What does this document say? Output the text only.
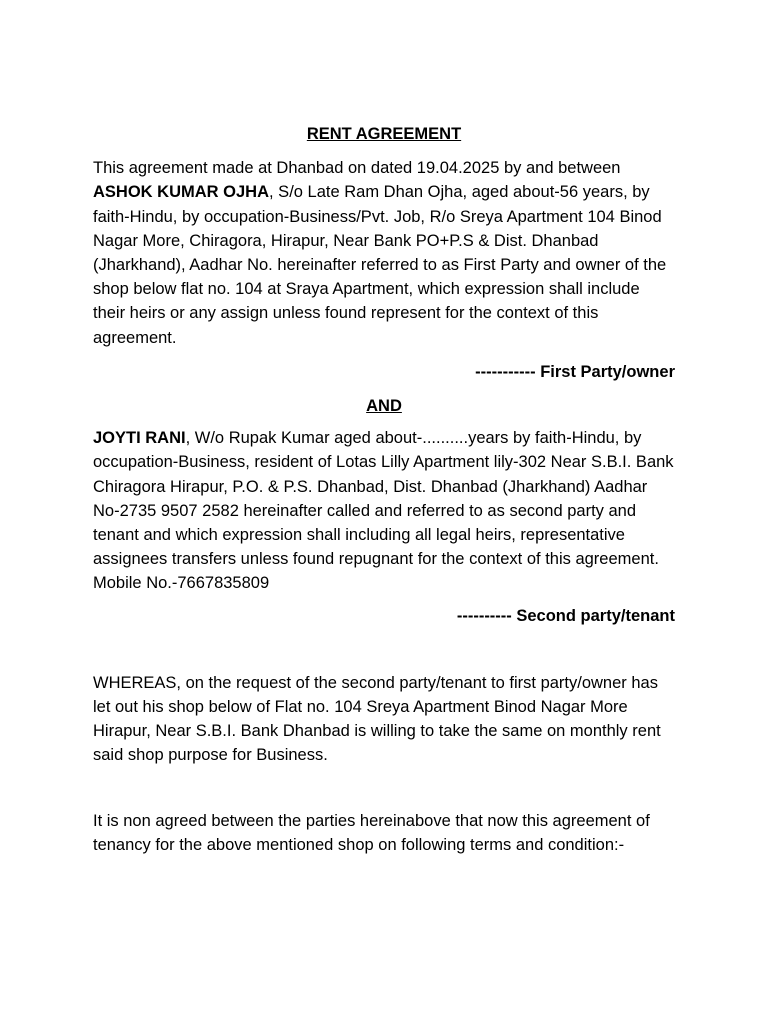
RENT AGREEMENT

This agreement made at Dhanbad on dated 19.04.2025 by and between ASHOK KUMAR OJHA, S/o Late Ram Dhan Ojha, aged about-56 years, by faith-Hindu, by occupation-Business/Pvt. Job, R/o Sreya Apartment 104 Binod Nagar More, Chiragora, Hirapur, Near Bank PO+P.S & Dist. Dhanbad (Jharkhand), Aadhar No. hereinafter referred to as First Party and owner of the shop below flat no. 104 at Sraya Apartment, which expression shall include their heirs or any assign unless found represent for the context of this agreement.

----------- First Party/owner

AND

JOYTI RANI, W/o Rupak Kumar aged about-..........years by faith-Hindu, by occupation-Business, resident of Lotas Lilly Apartment lily-302 Near S.B.I. Bank Chiragora Hirapur, P.O. & P.S. Dhanbad, Dist. Dhanbad (Jharkhand) Aadhar No-2735 9507 2582 hereinafter called and referred to as second party and tenant and which expression shall including all legal heirs, representative assignees transfers unless found repugnant for the context of this agreement. Mobile No.-7667835809

---------- Second party/tenant

WHEREAS, on the request of the second party/tenant to first party/owner has let out his shop below of Flat no. 104 Sreya Apartment Binod Nagar More Hirapur, Near S.B.I. Bank Dhanbad is willing to take the same on monthly rent said shop purpose for Business.

It is non agreed between the parties hereinabove that now this agreement of tenancy for the above mentioned shop on following terms and condition:-
